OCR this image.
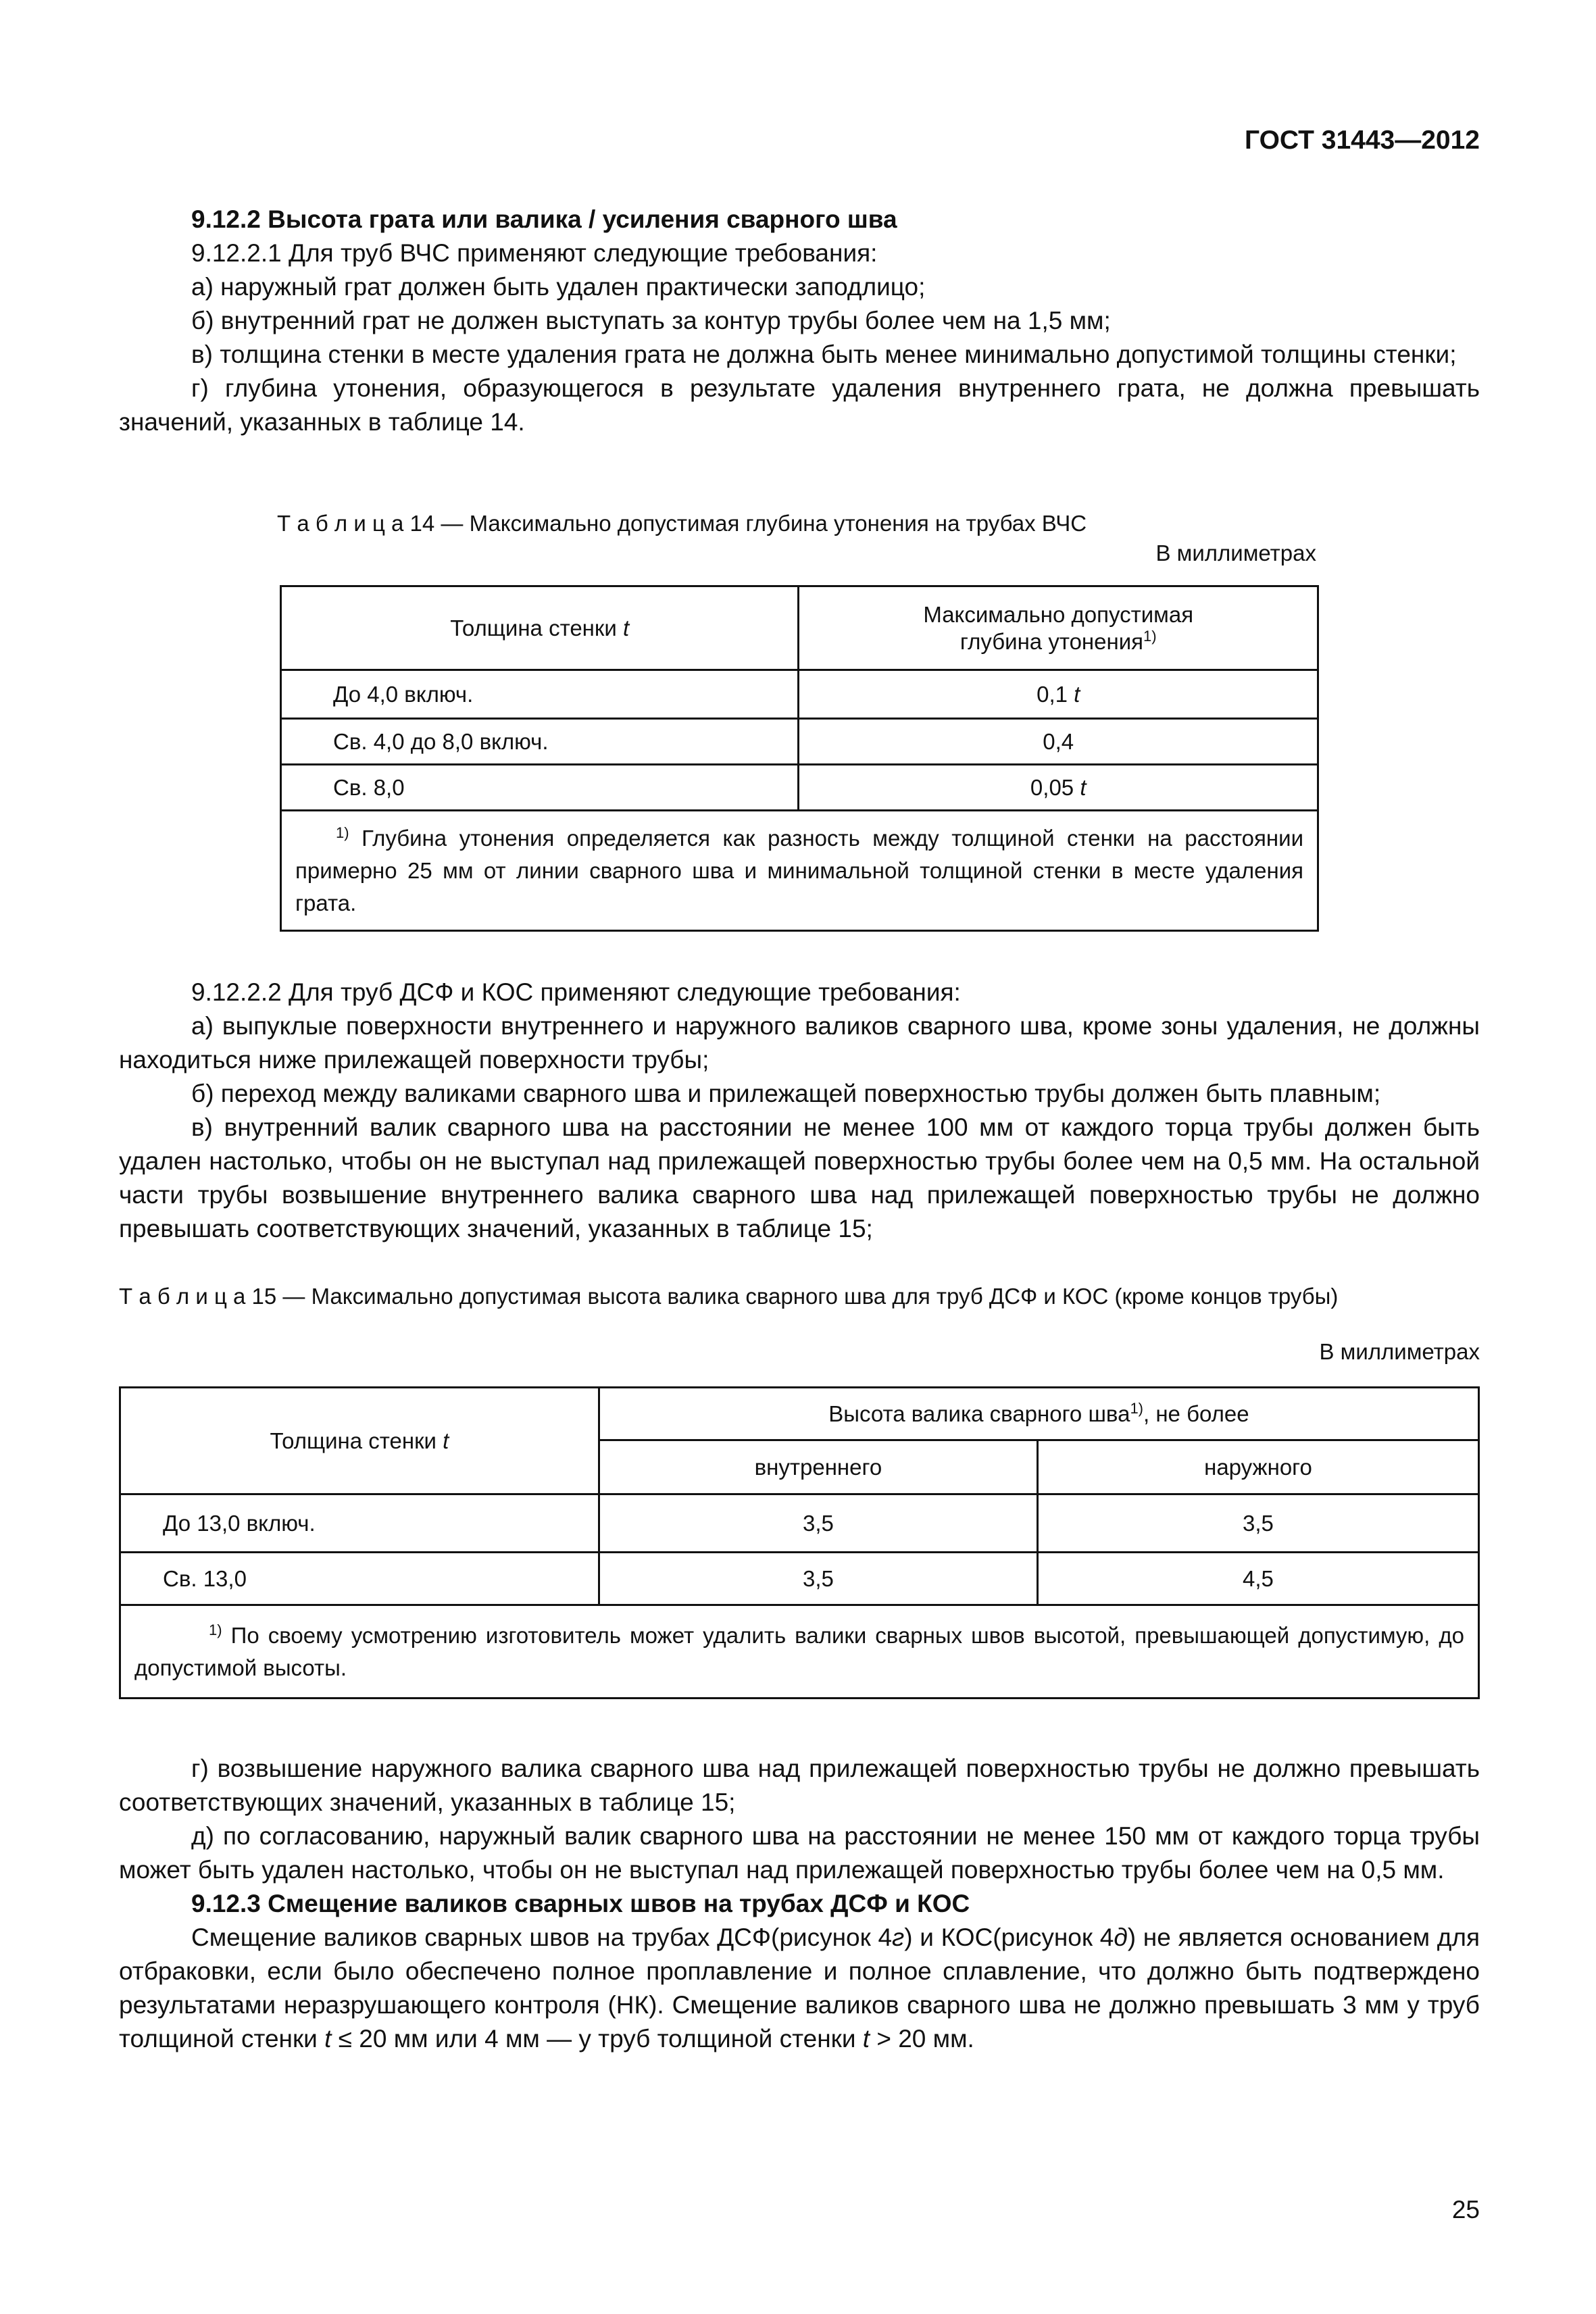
ГОСТ 31443—2012

9.12.2 Высота грата или валика / усиления сварного шва

9.12.2.1 Для труб ВЧС применяют следующие требования:

а) наружный грат должен быть удален практически заподлицо;

б) внутренний грат не должен выступать за контур трубы более чем на 1,5 мм;

в) толщина стенки в месте удаления грата не должна быть менее минимально допустимой толщины стенки;

г) глубина утонения, образующегося в результате удаления внутреннего грата, не должна превышать значений, указанных в таблице 14.

Т а б л и ц а 14 — Максимально допустимая глубина утонения на трубах ВЧС
В миллиметрах
Толщина стенки t	Максимально допустимая
глубина утонения$^{1)}$
До 4,0 включ.	0,1 t
Св. 4,0 до 8,0 включ.	0,4
Св. 8,0	0,05 t
$^{1)}$ Глубина утонения определяется как разность между толщиной стенки на расстоянии примерно 25 мм от линии сварного шва и минимальной толщиной стенки в месте удаления грата.	

9.12.2.2 Для труб ДСФ и КОС применяют следующие требования:

а) выпуклые поверхности внутреннего и наружного валиков сварного шва, кроме зоны удаления, не должны находиться ниже прилежащей поверхности трубы;

б) переход между валиками сварного шва и прилежащей поверхностью трубы должен быть плавным;

в) внутренний валик сварного шва на расстоянии не менее 100 мм от каждого торца трубы должен быть удален настолько, чтобы он не выступал над прилежащей поверхностью трубы более чем на 0,5 мм. На остальной части трубы возвышение внутреннего валика сварного шва над прилежащей поверхностью трубы не должно превышать соответствующих значений, указанных в таблице 15;

Т а б л и ц а 15 — Максимально допустимая высота валика сварного шва для труб ДСФ и КОС (кроме концов трубы)
В миллиметрах
Толщина стенки t	Высота валика сварного шва$^{1)}$, не более	
	внутреннего	наружного
До 13,0 включ.	3,5	3,5
Св. 13,0	3,5	4,5
$^{1)}$ По своему усмотрению изготовитель может удалить валики сварных швов высотой, превышающей допустимую, до допустимой высоты.		

г) возвышение наружного валика сварного шва над прилежащей поверхностью трубы не должно превышать соответствующих значений, указанных в таблице 15;

д) по согласованию, наружный валик сварного шва на расстоянии не менее 150 мм от каждого торца трубы может быть удален настолько, чтобы он не выступал над прилежащей поверхностью трубы более чем на 0,5 мм.

9.12.3 Смещение валиков сварных швов на трубах ДСФ и КОС

Смещение валиков сварных швов на трубах ДСФ(рисунок 4г) и КОС(рисунок 4д) не является основанием для отбраковки, если было обеспечено полное проплавление и полное сплавление, что должно быть подтверждено результатами неразрушающего контроля (НК). Смещение валиков сварного шва не должно превышать 3 мм у труб толщиной стенки t ≤ 20 мм или 4 мм — у труб толщиной стенки t > 20 мм.

25
